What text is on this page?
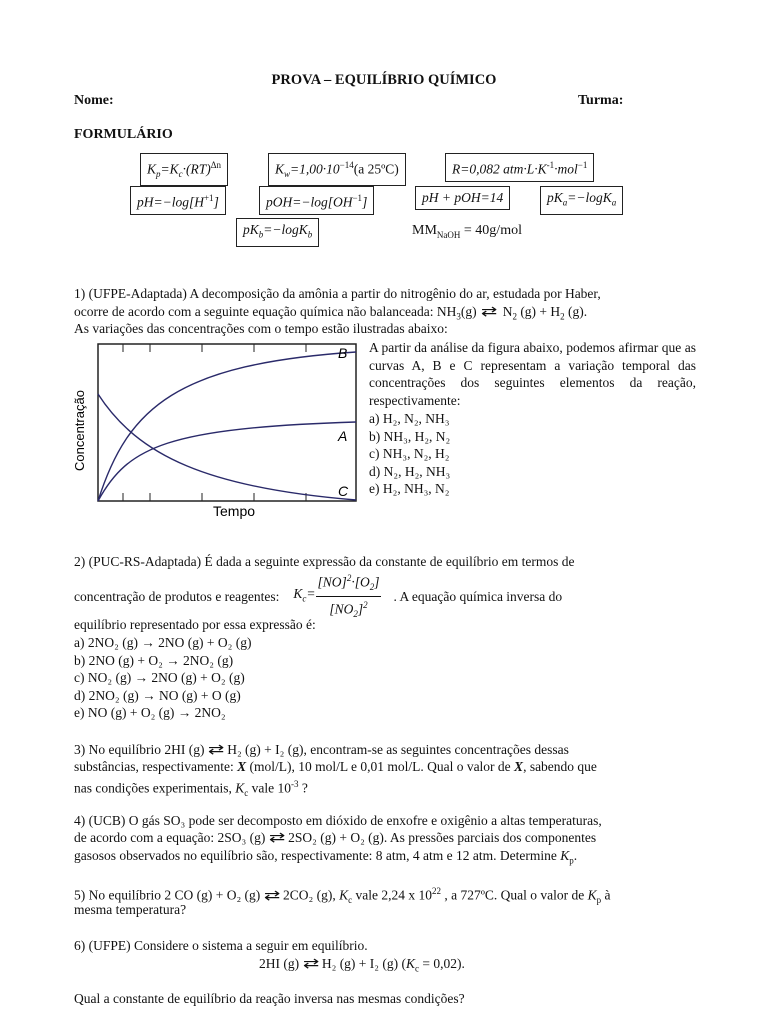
PROVA – EQUILÍBRIO QUÍMICO
Nome:	Turma:
FORMULÁRIO
$K_p=K_c\cdot(RT)^{\Delta n}$	$K_w=1,00\cdot 10^{-14}(a$ 25ºC)	R=0,082 $atm\cdot L\cdot K^{-1}\cdot mol^{-1}$
$pH=-\log[H^{+1}]$	$pOH=-\log[OH^{-1}]$	pH + pOH=14	$pK_a=-\log K_a$
$pK_b=-\log K_b$	$MM_{NaOH} = 40g/mol$
1) (UFPE-Adaptada) A decomposição da amônia a partir do nitrogênio do ar, estudada por Haber,
ocorre de acordo com a seguinte equação química não balanceada: $NH_3(g)$ ⇄ $N_2$ $(g) + H_2$ (g).
As variações das concentrações com o tempo estão ilustradas abaixo:
B
A
C
Tempo
Concentração
A partir da análise da figura abaixo, podemos afirmar que as curvas A, B e C representam a variação temporal das concentrações dos seguintes elementos da reação, respectivamente:
a) H₂, N₂, NH₃
b) NH₃, H₂, N₂
c) NH₃, N₂, H₂
d) N₂, H₂, NH₃
e) H₂, NH₃, N₂
2) (PUC-RS-Adaptada) É dada a seguinte expressão da constante de equilíbrio em termos de
concentração de produtos e reagentes: $K_c= \frac{[NO]^2\cdot[O_2]}{[NO_2]^2}$ . A equação química inversa do
equilíbrio representado por essa expressão é:
a) 2NO₂ (g) → 2NO (g) + O₂ (g)
b) 2NO (g) + O₂ → 2NO₂ (g)
c) NO₂ (g) → 2NO (g) + O₂ (g)
d) 2NO₂ (g) → NO (g) + O (g)
e) NO (g) + O₂ (g) → 2NO₂
3) No equilíbrio 2HI (g) ⇄ H₂ (g) + I₂ (g), encontram-se as seguintes concentrações dessas
substâncias, respectivamente: X (mol/L), 10 mol/L e 0,01 mol/L. Qual o valor de X, sabendo que
nas condições experimentais, $K_c$ vale $10^{-3}$ ?
4) (UCB) O gás SO₃ pode ser decomposto em dióxido de enxofre e oxigênio a altas temperaturas,
de acordo com a equação: 2SO₃ (g) ⇄ 2SO₂ (g) + O₂ (g). As pressões parciais dos componentes
gasosos observados no equilíbrio são, respectivamente: 8 atm, 4 atm e 12 atm. Determine $K_p$.
5) No equilíbrio 2 CO (g) + O₂ (g) ⇄ 2CO₂ (g), $K_c$ vale 2,24 x $10^{22}$ , a 727ºC. Qual o valor de $K_p$ à
mesma temperatura?
6) (UFPE) Considere o sistema a seguir em equilíbrio.
2HI (g) ⇄ H₂ (g) + I₂ (g) $(K_c = 0,02)$.
Qual a constante de equilíbrio da reação inversa nas mesmas condições?
